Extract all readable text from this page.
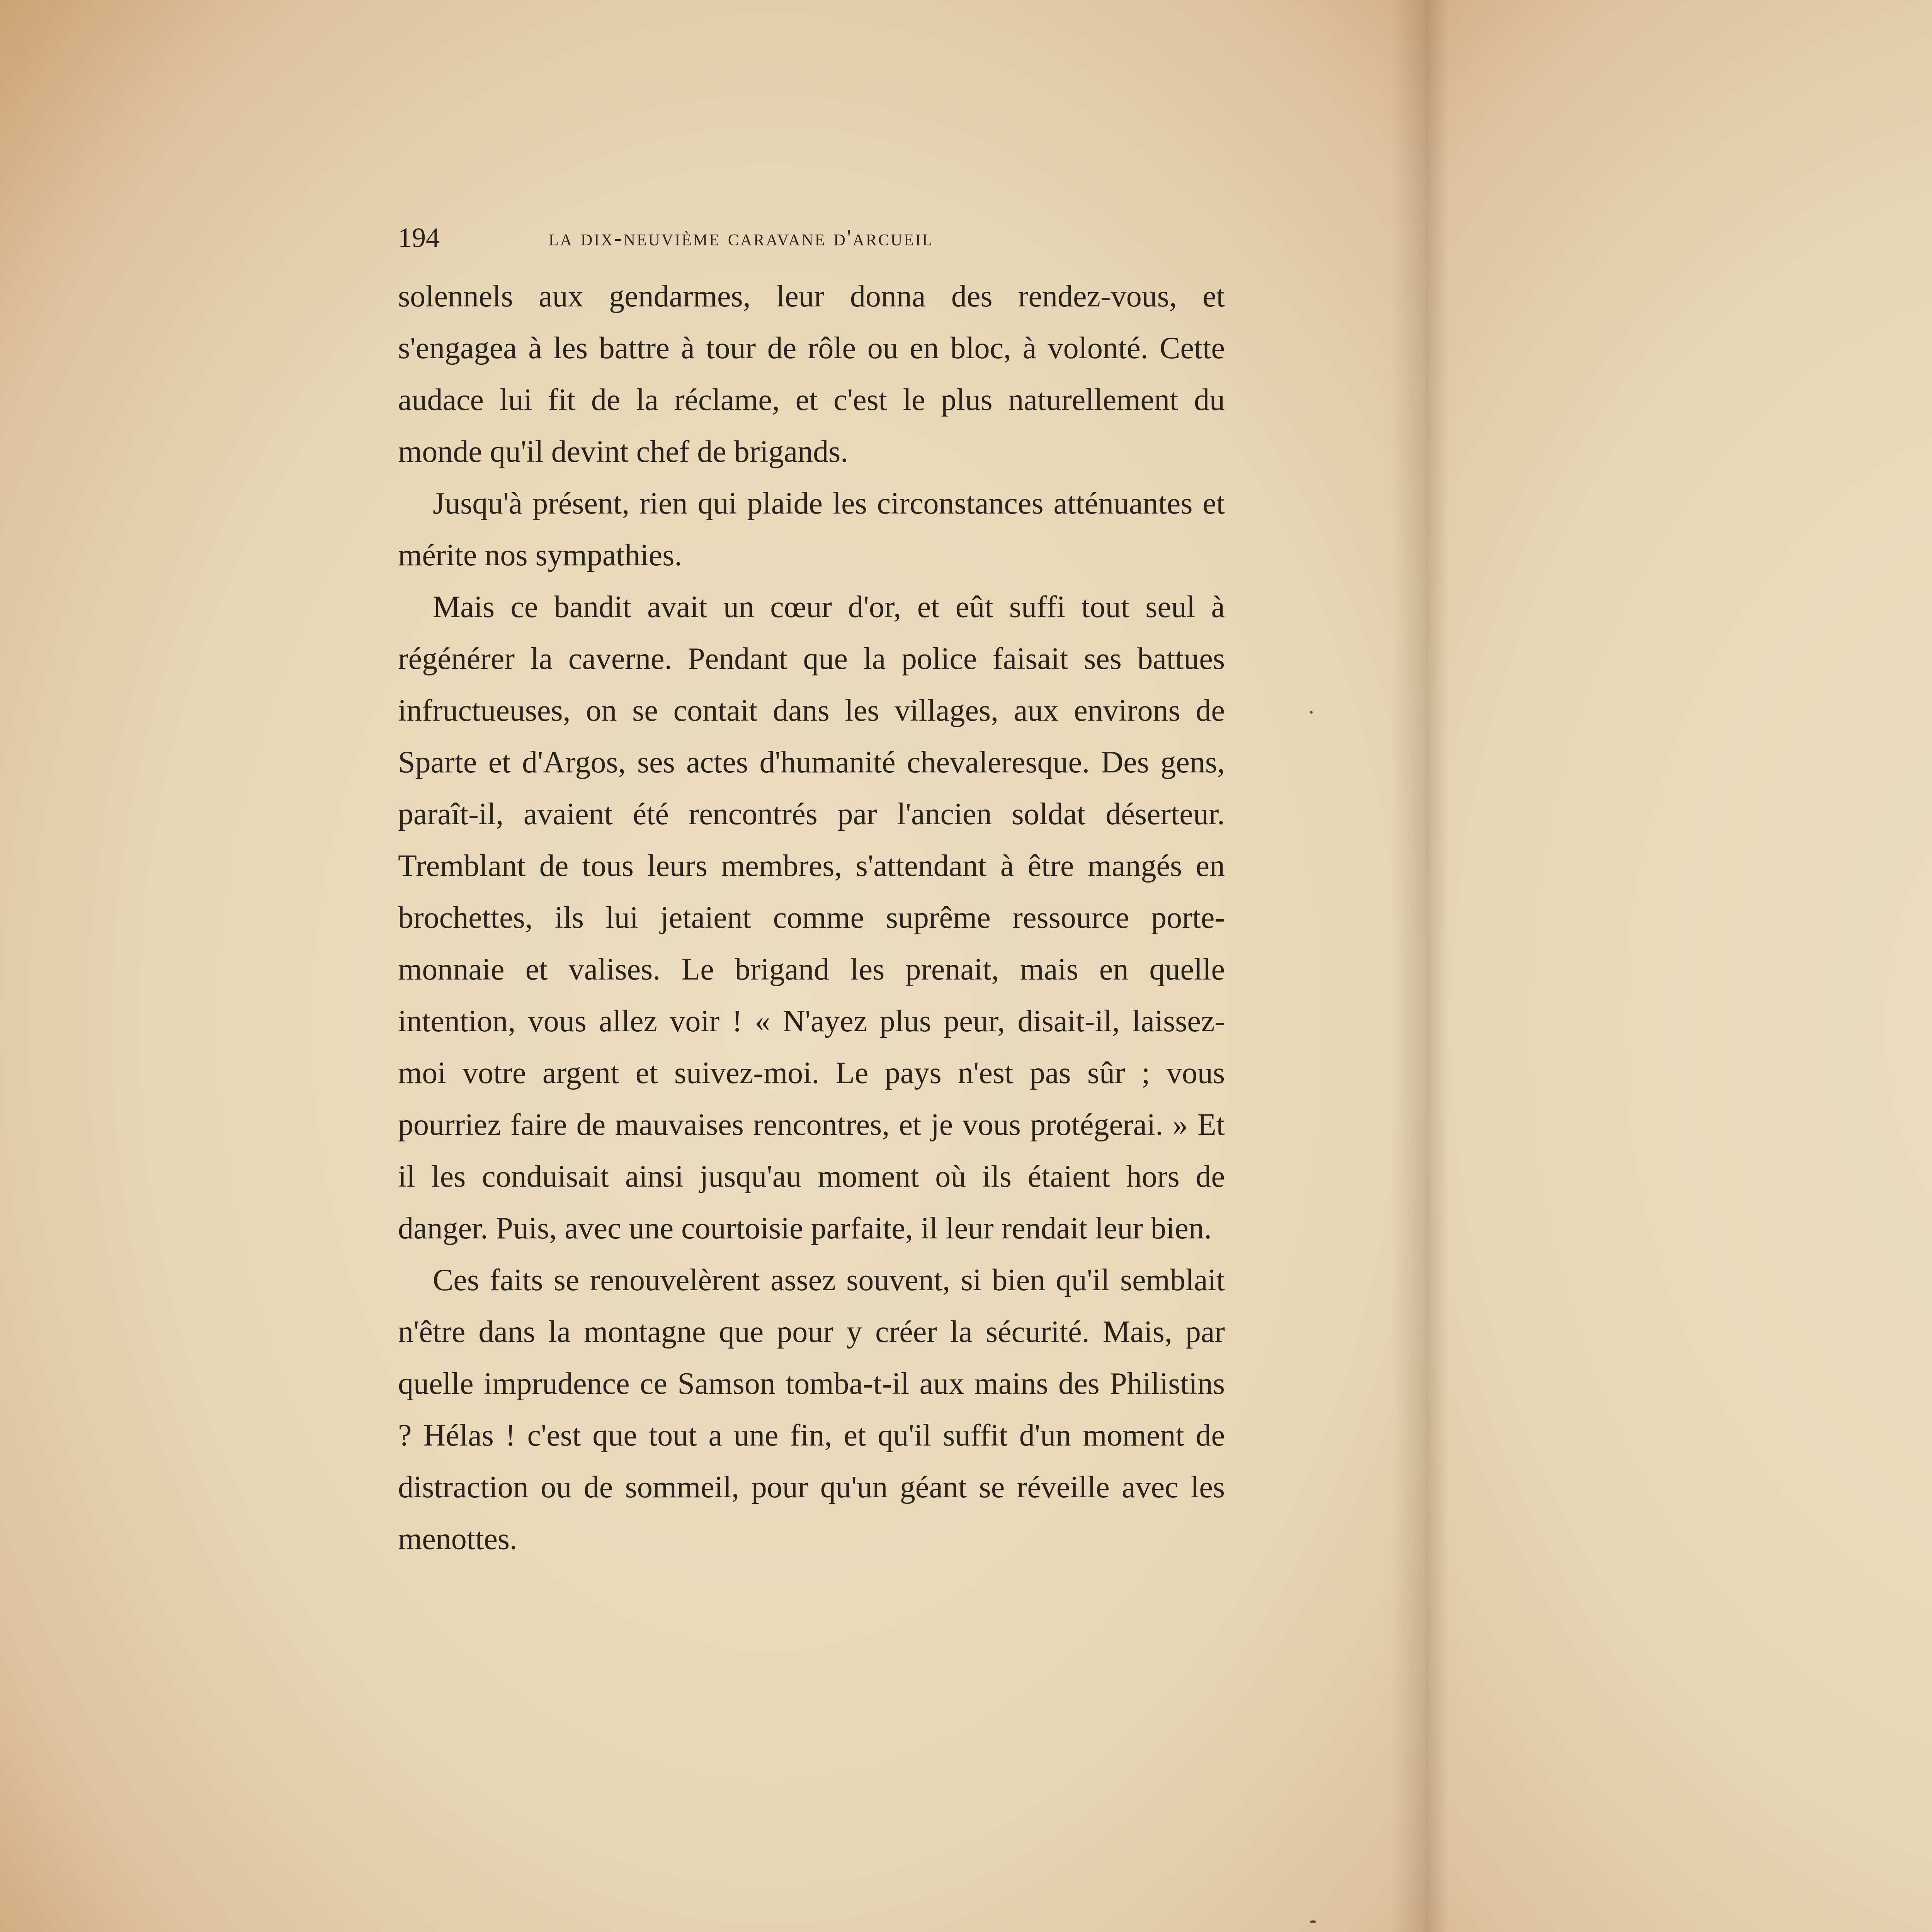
194	la dix-neuvième caravane d'arcueil

solennels aux gendarmes, leur donna des rendez-vous, et s'engagea à les battre à tour de rôle ou en bloc, à volonté. Cette audace lui fit de la réclame, et c'est le plus naturellement du monde qu'il devint chef de brigands.

Jusqu'à présent, rien qui plaide les circonstances atténuantes et mérite nos sympathies.

Mais ce bandit avait un cœur d'or, et eût suffi tout seul à régénérer la caverne. Pendant que la police faisait ses battues infructueuses, on se contait dans les villages, aux environs de Sparte et d'Argos, ses actes d'humanité chevaleresque. Des gens, paraît-il, avaient été rencontrés par l'ancien soldat déserteur. Tremblant de tous leurs membres, s'attendant à être mangés en brochettes, ils lui jetaient comme suprême ressource porte-monnaie et valises. Le brigand les prenait, mais en quelle intention, vous allez voir ! « N'ayez plus peur, disait-il, laissez-moi votre argent et suivez-moi. Le pays n'est pas sûr ; vous pourriez faire de mauvaises rencontres, et je vous protégerai. » Et il les conduisait ainsi jusqu'au moment où ils étaient hors de danger. Puis, avec une courtoisie parfaite, il leur rendait leur bien.

Ces faits se renouvelèrent assez souvent, si bien qu'il semblait n'être dans la montagne que pour y créer la sécurité. Mais, par quelle imprudence ce Samson tomba-t-il aux mains des Philistins ? Hélas ! c'est que tout a une fin, et qu'il suffit d'un moment de distraction ou de sommeil, pour qu'un géant se réveille avec les menottes.
